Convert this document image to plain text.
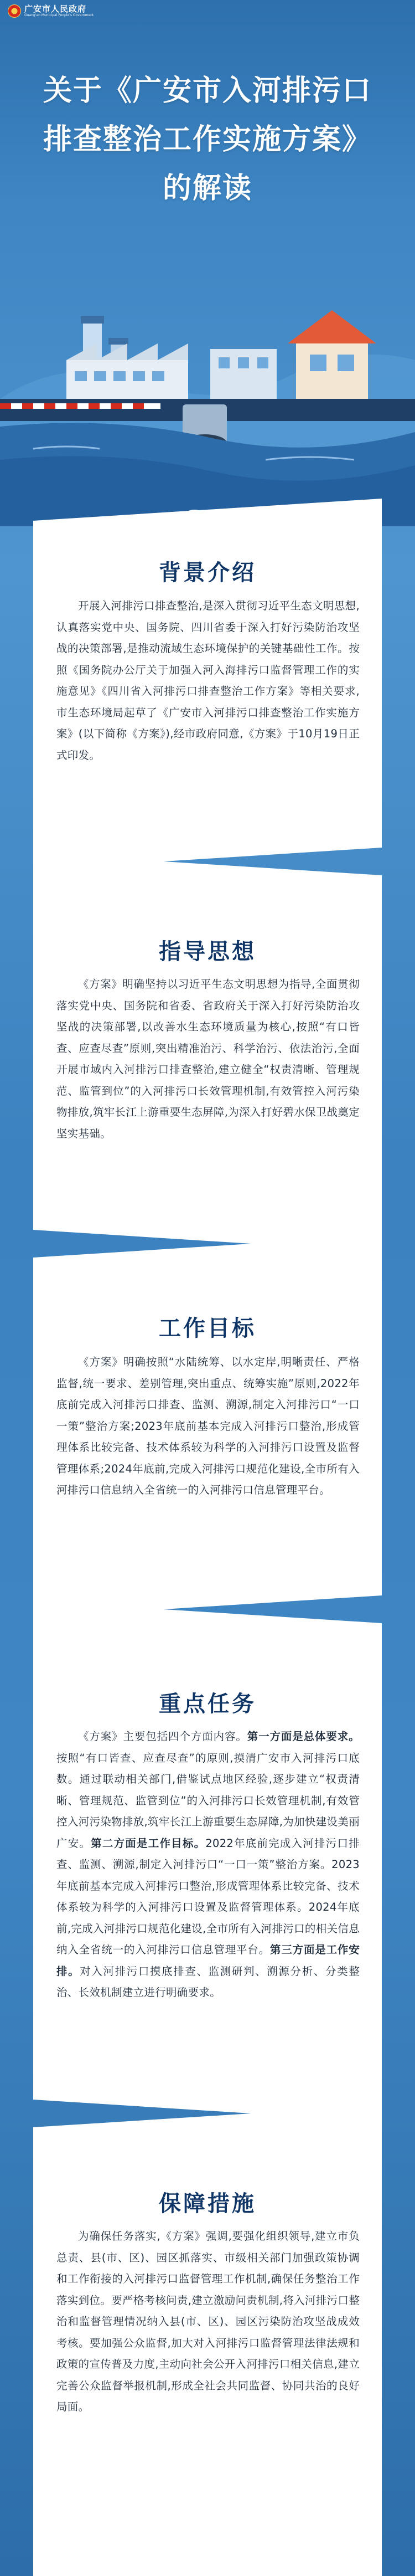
广安市人民政府
Guang'an Municipal People's Government
关于《广安市入河排污口
排查整治工作实施方案》
的解读
01
背景介绍
开展入河排污口排查整治,是深入贯彻习近平生态文明思想,认真落实党中央、国务院、四川省委于深入打好污染防治攻坚战的决策部署,是推动流域生态环境保护的关键基础性工作。按照《国务院办公厅关于加强入河入海排污口监督管理工作的实施意见》《四川省入河排污口排查整治工作方案》等相关要求,市生态环境局起草了《广安市入河排污口排查整治工作实施方案》(以下简称《方案》),经市政府同意,《方案》于10月19日正式印发。
02
指导思想
《方案》明确坚持以习近平生态文明思想为指导,全面贯彻落实党中央、国务院和省委、省政府关于深入打好污染防治攻坚战的决策部署,以改善水生态环境质量为核心,按照“有口皆查、应查尽查”原则,突出精准治污、科学治污、依法治污,全面开展市域内入河排污口排查整治,建立健全“权责清晰、管理规范、监管到位”的入河排污口长效管理机制,有效管控入河污染物排放,筑牢长江上游重要生态屏障,为深入打好碧水保卫战奠定坚实基础。
03
工作目标
《方案》明确按照“水陆统筹、以水定岸,明晰责任、严格监督,统一要求、差别管理,突出重点、统筹实施”原则,2022年底前完成入河排污口排查、监测、溯源,制定入河排污口“一口一策”整治方案;2023年底前基本完成入河排污口整治,形成管理体系比较完备、技术体系较为科学的入河排污口设置及监督管理体系;2024年底前,完成入河排污口规范化建设,全市所有入河排污口信息纳入全省统一的入河排污口信息管理平台。
04
重点任务
《方案》主要包括四个方面内容。第一方面是总体要求。按照“有口皆查、应查尽查”的原则,摸清广安市入河排污口底数。通过联动相关部门,借鉴试点地区经验,逐步建立“权责清晰、管理规范、监管到位”的入河排污口长效管理机制,有效管控入河污染物排放,筑牢长江上游重要生态屏障,为加快建设美丽广安。第二方面是工作目标。2022年底前完成入河排污口排查、监测、溯源,制定入河排污口“一口一策”整治方案。2023年底前基本完成入河排污口整治,形成管理体系比较完备、技术体系较为科学的入河排污口设置及监督管理体系。2024年底前,完成入河排污口规范化建设,全市所有入河排污口的相关信息纳入全省统一的入河排污口信息管理平台。第三方面是工作安排。对入河排污口摸底排查、监测研判、溯源分析、分类整治、长效机制建立进行明确要求。
05
保障措施
为确保任务落实,《方案》强调,要强化组织领导,建立市负总责、县(市、区)、园区抓落实、市级相关部门加强政策协调和工作衔接的入河排污口监督管理工作机制,确保任务整治工作落实到位。要严格考核问责,建立激励问责机制,将入河排污口整治和监督管理情况纳入县(市、区)、园区污染防治攻坚战成效考核。要加强公众监督,加大对入河排污口监督管理法律法规和政策的宣传普及力度,主动向社会公开入河排污口相关信息,建立完善公众监督举报机制,形成全社会共同监督、协同共治的良好局面。
